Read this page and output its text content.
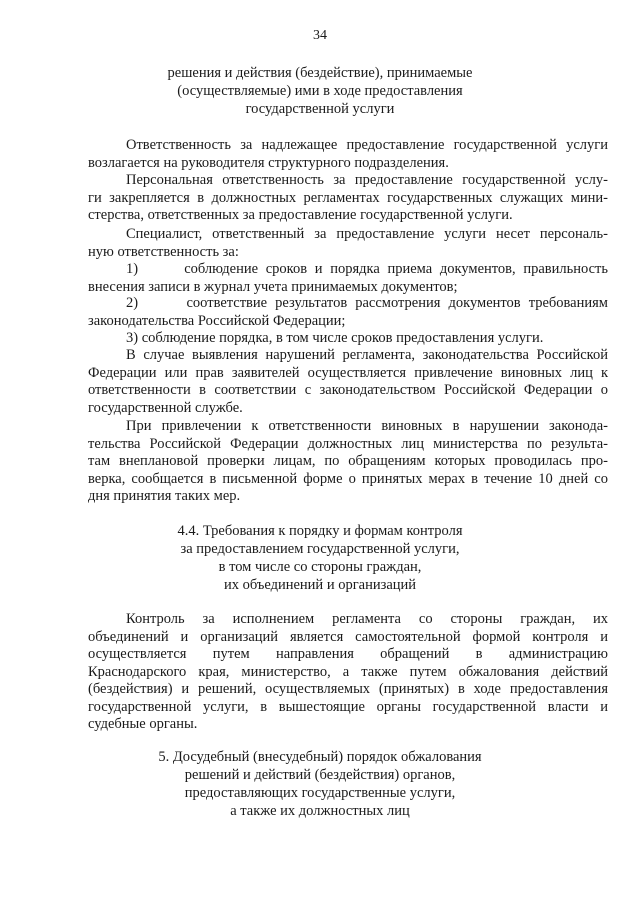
34
решения и действия (бездействие), принимаемые
(осуществляемые) ими в ходе предоставления
государственной услуги
Ответственность за надлежащее предоставление государственной услуги
возлагается на руководителя структурного подразделения.
Персональная ответственность за предоставление государственной услу-
ги закрепляется в должностных регламентах государственных служащих мини-
стерства, ответственных за предоставление государственной услуги.
Специалист, ответственный за предоставление услуги несет персональ-
ную ответственность за:
1)      соблюдение сроков и порядка приема документов, правильность
внесения записи в журнал учета принимаемых документов;
2)      соответствие результатов рассмотрения документов требованиям
законодательства Российской Федерации;
3) соблюдение порядка, в том числе сроков предоставления услуги.
В случае выявления нарушений регламента, законодательства Российской
Федерации или прав заявителей осуществляется привлечение виновных лиц к
ответственности в соответствии с законодательством Российской Федерации о
государственной службе.
При привлечении к ответственности виновных в нарушении законода-
тельства Российской Федерации должностных лиц министерства по результа-
там внеплановой проверки лицам, по обращениям которых проводилась про-
верка, сообщается в письменной форме о принятых мерах в течение 10 дней со
дня принятия таких мер.
4.4. Требования к порядку и формам контроля
за предоставлением государственной услуги,
в том числе со стороны граждан,
их объединений и организаций
Контроль за исполнением регламента со стороны граждан, их
объединений и организаций является самостоятельной формой контроля и
осуществляется путем направления обращений в администрацию
Краснодарского края, министерство, а также путем обжалования действий
(бездействия) и решений, осуществляемых (принятых) в ходе предоставления
государственной услуги, в вышестоящие органы государственной власти и
судебные органы.
5. Досудебный (внесудебный) порядок обжалования
решений и действий (бездействия) органов,
предоставляющих государственные услуги,
а также их должностных лиц
